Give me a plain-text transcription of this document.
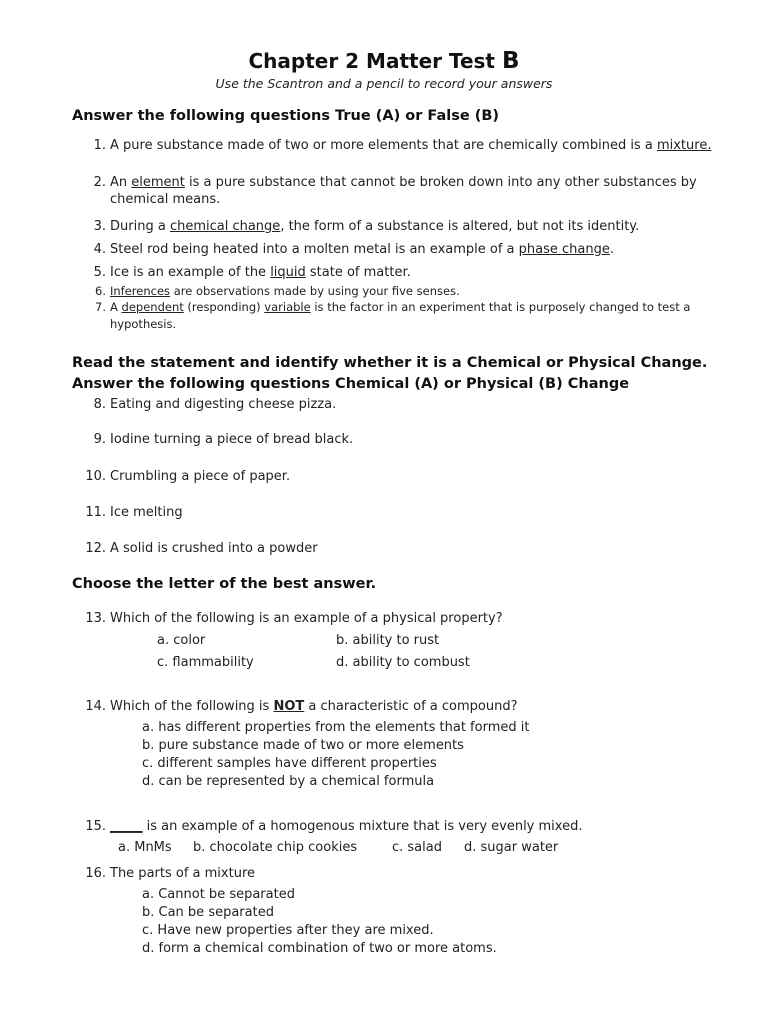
Chapter 2 Matter Test B
Use the Scantron and a pencil to record your answers
Answer the following questions True (A) or False (B)
1. A pure substance made of two or more elements that are chemically combined is a mixture.
2. An element is a pure substance that cannot be broken down into any other substances by chemical means.
3. During a chemical change, the form of a substance is altered, but not its identity.
4. Steel rod being heated into a molten metal is an example of a phase change.
5. Ice is an example of the liquid state of matter.
6. Inferences are observations made by using your five senses.
7. A dependent (responding) variable is the factor in an experiment that is purposely changed to test a hypothesis.
Read the statement and identify whether it is a Chemical or Physical Change.
Answer the following questions Chemical (A) or Physical (B) Change
8. Eating and digesting cheese pizza.
9. Iodine turning a piece of bread black.
10. Crumbling a piece of paper.
11. Ice melting
12. A solid is crushed into a powder
Choose the letter of the best answer.
13. Which of the following is an example of a physical property?
a. color	b. ability to rust
c. flammability	d. ability to combust
14. Which of the following is NOT a characteristic of a compound?
a. has different properties from the elements that formed it
b. pure substance made of two or more elements
c. different samples have different properties
d. can be represented by a chemical formula
15. _____ is an example of a homogenous mixture that is very evenly mixed.
a. MnMs b. chocolate chip cookies	c. salad d. sugar water
16. The parts of a mixture
a. Cannot be separated
b. Can be separated
c. Have new properties after they are mixed.
d. form a chemical combination of two or more atoms.
